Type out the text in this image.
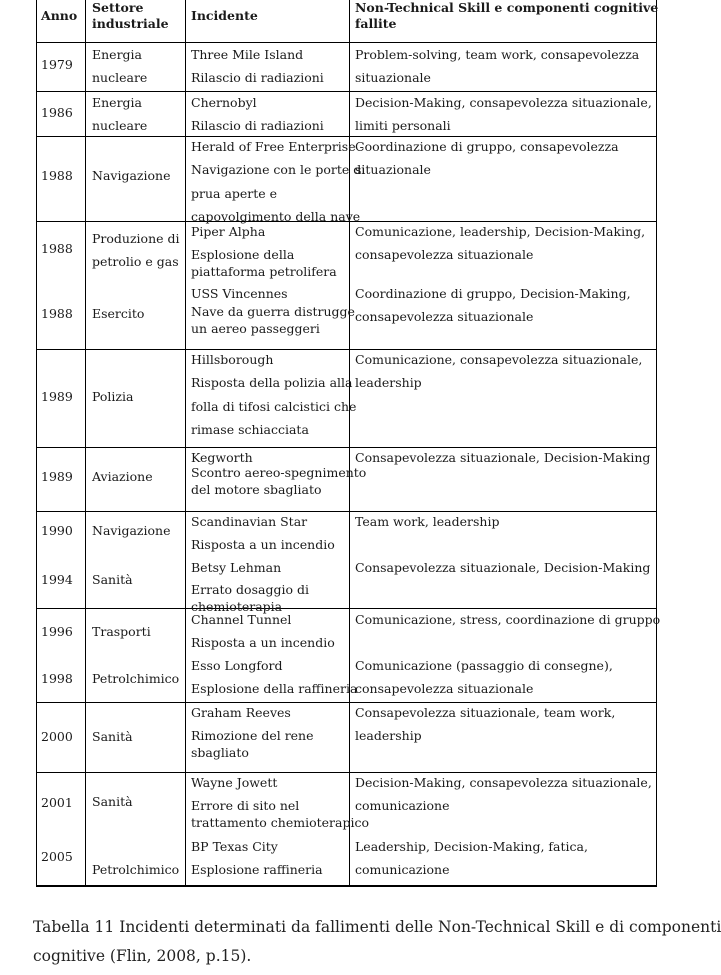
Anno
Settore
industriale
Incidente
Non-Technical Skill e componenti cognitive
fallite
1979
Energia
nucleare
Three Mile Island
Rilascio di radiazioni
Problem-solving, team work, consapevolezza
situazionale
1986
Energia
nucleare
Chernobyl
Rilascio di radiazioni
Decision-Making, consapevolezza situazionale,
limiti personali
1988 Navigazione
Herald of Free Enterprise -
Navigazione con le porte di
prua aperte e
capovolgimento della nave
Coordinazione di gruppo, consapevolezza
situazionale
1988
1988
Produzione di
petrolio e gas
Esercito
Piper Alpha
Esplosione della
piattaforma petrolifera
USS Vincennes
Nave da guerra distrugge
un aereo passeggeri
Comunicazione, leadership, Decision-Making,
consapevolezza situazionale
Coordinazione di gruppo, Decision-Making,
consapevolezza situazionale
1989 Polizia
Hillsborough
Risposta della polizia alla
folla di tifosi calcistici che
rimase schiacciata
Comunicazione, consapevolezza situazionale,
leadership
1989 Aviazione
Kegworth
Scontro aereo-spegnimento
del motore sbagliato
Consapevolezza situazionale, Decision-Making
1990
1994
Navigazione
Sanità
Scandinavian Star
Risposta a un incendio
Betsy Lehman
Errato dosaggio di
chemioterapia
Team work, leadership
Consapevolezza situazionale, Decision-Making
1996
1998
Trasporti
Petrolchimico
Channel Tunnel
Risposta a un incendio
Esso Longford
Esplosione della raffineria
Comunicazione, stress, coordinazione di gruppo
Comunicazione (passaggio di consegne),
consapevolezza situazionale
2000 Sanità
Graham Reeves
Rimozione del rene
sbagliato
Consapevolezza situazionale, team work,
leadership
2001
2005
Sanità
Petrolchimico
Wayne Jowett
Errore di sito nel
trattamento chemioterapico
BP Texas City
Esplosione raffineria
Decision-Making, consapevolezza situazionale,
comunicazione
Leadership, Decision-Making, fatica,
comunicazione
Tabella 11 Incidenti determinati da fallimenti delle Non-Technical Skill e di componenti
cognitive (Flin, 2008, p.15).
